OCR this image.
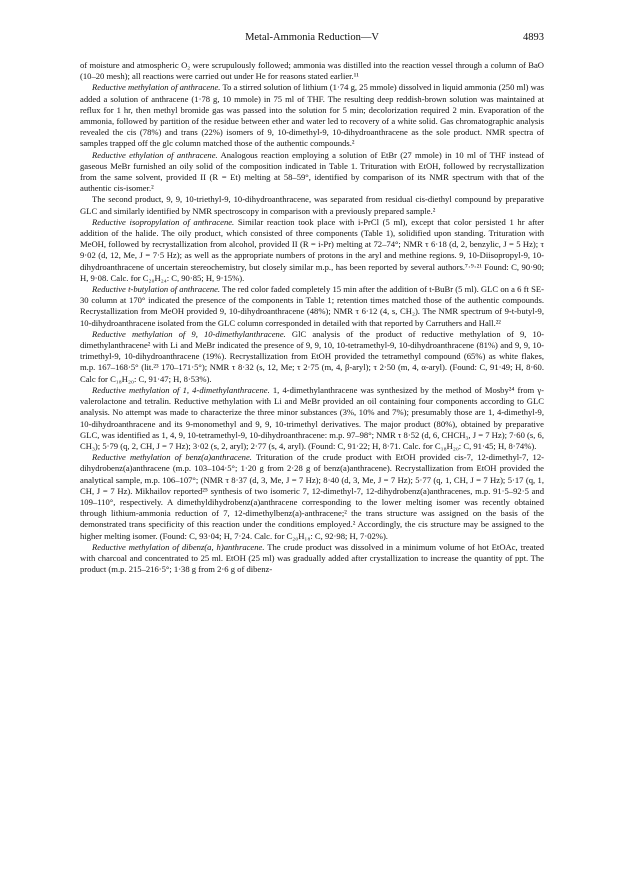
Metal-Ammonia Reduction—V	4893

of moisture and atmospheric O₂ were scrupulously followed; ammonia was distilled into the reaction vessel through a column of BaO (10–20 mesh); all reactions were carried out under He for reasons stated earlier.¹¹

Reductive methylation of anthracene. To a stirred solution of lithium (1·74 g, 25 mmole) dissolved in liquid ammonia (250 ml) was added a solution of anthracene (1·78 g, 10 mmole) in 75 ml of THF. The resulting deep reddish-brown solution was maintained at reflux for 1 hr, then methyl bromide gas was passed into the solution for 5 min; decolorization required 2 min. Evaporation of the ammonia, followed by partition of the residue between ether and water led to recovery of a white solid. Gas chromatographic analysis revealed the cis (78%) and trans (22%) isomers of 9, 10-dimethyl-9, 10-dihydroanthracene as the sole product. NMR spectra of samples trapped off the glc column matched those of the authentic compounds.²

Reductive ethylation of anthracene. Analogous reaction employing a solution of EtBr (27 mmole) in 10 ml of THF instead of gaseous MeBr furnished an oily solid of the composition indicated in Table 1. Trituration with EtOH, followed by recrystallization from the same solvent, provided II (R = Et) melting at 58–59°, identified by comparison of its NMR spectrum with that of the authentic cis-isomer.²

The second product, 9, 9, 10-triethyl-9, 10-dihydroanthracene, was separated from residual cis-diethyl compound by preparative GLC and similarly identified by NMR spectroscopy in comparison with a previously prepared sample.²

Reductive isopropylation of anthracene. Similar reaction took place with i-PrCl (5 ml), except that color persisted 1 hr after addition of the halide. The oily product, which consisted of three components (Table 1), solidified upon standing. Trituration with MeOH, followed by recrystallization from alcohol, provided II (R = i-Pr) melting at 72–74°; NMR τ 6·18 (d, 2, benzylic, J = 5 Hz); τ 9·02 (d, 12, Me, J = 7·5 Hz); as well as the appropriate numbers of protons in the aryl and methine regions. 9, 10-Diisopropyl-9, 10-dihydroanthracene of uncertain stereochemistry, but closely similar m.p., has been reported by several authors.⁷·⁹·²¹ Found: C, 90·90; H, 9·08. Calc. for C₂₀H₂₄: C, 90·85; H, 9·15%).

Reductive t-butylation of anthracene. The red color faded completely 15 min after the addition of t-BuBr (5 ml). GLC on a 6 ft SE-30 column at 170° indicated the presence of the components in Table 1; retention times matched those of the authentic compounds. Recrystallization from MeOH provided 9, 10-dihydroanthracene (48%); NMR τ 6·12 (4, s, CH₂). The NMR spectrum of 9-t-butyl-9, 10-dihydroanthracene isolated from the GLC column corresponded in detailed with that reported by Carruthers and Hall.²²

Reductive methylation of 9, 10-dimethylanthracene. GlC analysis of the product of reductive methylation of 9, 10-dimethylanthracene² with Li and MeBr indicated the presence of 9, 9, 10, 10-tetramethyl-9, 10-dihydroanthracene (81%) and 9, 9, 10-trimethyl-9, 10-dihydroanthracene (19%). Recrystallization from EtOH provided the tetramethyl compound (65%) as white flakes, m.p. 167–168·5° (lit.²³ 170–171·5°); NMR τ 8·32 (s, 12, Me; τ 2·75 (m, 4, β-aryl); τ 2·50 (m, 4, α-aryl). (Found: C, 91·49; H, 8·60. Calc for C₁₈H₂₀: C, 91·47; H, 8·53%).

Reductive methylation of 1, 4-dimethylanthracene. 1, 4-dimethylanthracene was synthesized by the method of Mosby²⁴ from γ-valerolactone and tetralin. Reductive methylation with Li and MeBr provided an oil containing four components according to GLC analysis. No attempt was made to characterize the three minor substances (3%, 10% and 7%); presumably those are 1, 4-dimethyl-9, 10-dihydroanthracene and its 9-monomethyl and 9, 9, 10-trimethyl derivatives. The major product (80%), obtained by preparative GLC, was identified as 1, 4, 9, 10-tetramethyl-9, 10-dihydroanthracene: m.p. 97–98°; NMR τ 8·52 (d, 6, CHCH₃, J = 7 Hz); 7·60 (s, 6, CH₃); 5·79 (q, 2, CH, J = 7 Hz); 3·02 (s, 2, aryl); 2·77 (s, 4, aryl). (Found: C, 91·22; H, 8·71. Calc. for C₁₈H₂₀: C, 91·45; H, 8·74%).

Reductive methylation of benz(a)anthracene. Trituration of the crude product with EtOH provided cis-7, 12-dimethyl-7, 12-dihydrobenz(a)anthracene (m.p. 103–104·5°; 1·20 g from 2·28 g of benz(a)anthracene). Recrystallization from EtOH provided the analytical sample, m.p. 106–107°; (NMR τ 8·37 (d, 3, Me, J = 7 Hz); 8·40 (d, 3, Me, J = 7 Hz); 5·77 (q, 1, CH, J = 7 Hz); 5·17 (q, 1, CH, J = 7 Hz). Mikhailov reported²⁵ synthesis of two isomeric 7, 12-dimethyl-7, 12-dihydrobenz(a)anthracenes, m.p. 91·5–92·5 and 109–110°, respectively. A dimethyldihydrobenz(a)anthracene corresponding to the lower melting isomer was recently obtained through lithium-ammonia reduction of 7, 12-dimethylbenz(a)-anthracene;² the trans structure was assigned on the basis of the demonstrated trans specificity of this reaction under the conditions employed.² Accordingly, the cis structure may be assigned to the higher melting isomer. (Found: C, 93·04; H, 7·24. Calc. for C₂₀H₁₈: C, 92·98; H, 7·02%).

Reductive methylation of dibenz(a, h)anthracene. The crude product was dissolved in a minimum volume of hot EtOAc, treated with charcoal and concentrated to 25 ml. EtOH (25 ml) was gradually added after crystallization to increase the quantity of ppt. The product (m.p. 215–216·5°; 1·38 g from 2·6 g of dibenz-
